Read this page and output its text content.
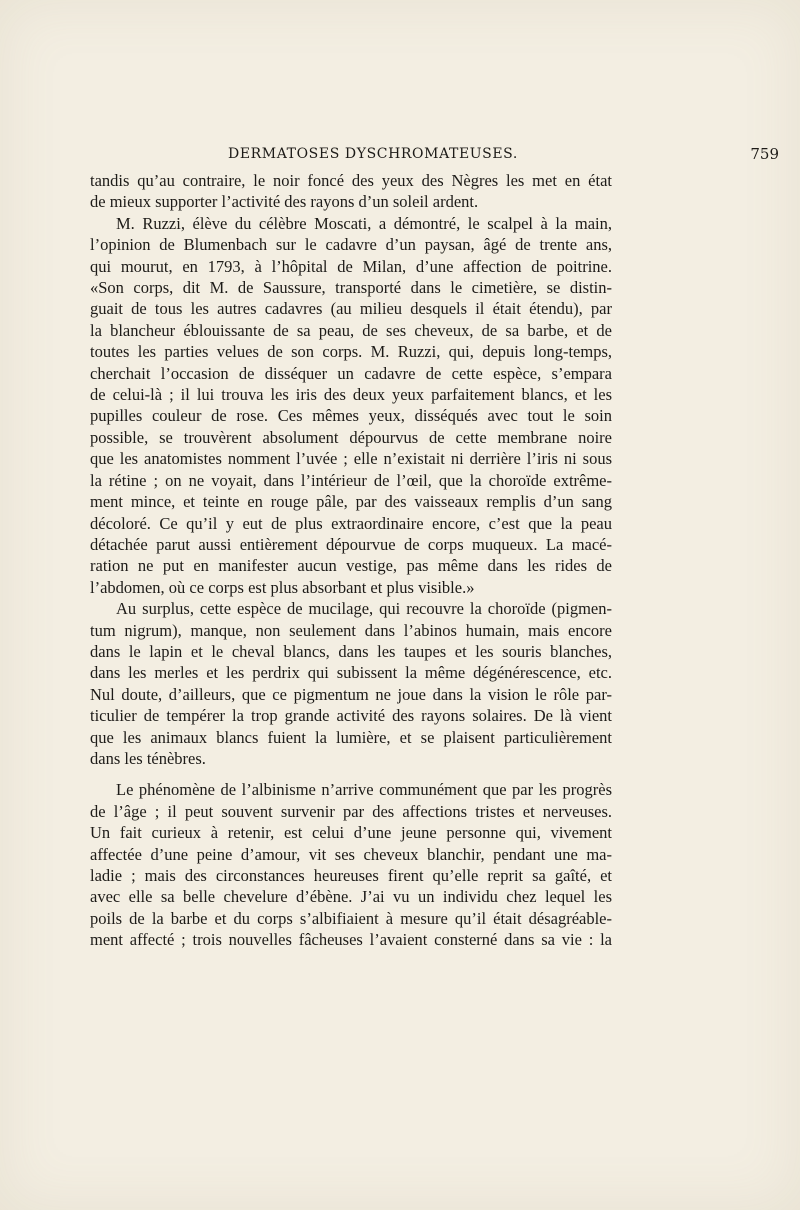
DERMATOSES DYSCHROMATEUSES.	759
tandis qu’au contraire, le noir foncé des yeux des Nègres les met en état
de mieux supporter l’activité des rayons d’un soleil ardent.
M. Ruzzi, élève du célèbre Moscati, a démontré, le scalpel à la main,
l’opinion de Blumenbach sur le cadavre d’un paysan, âgé de trente ans,
qui mourut, en 1793, à l’hôpital de Milan, d’une affection de poitrine.
«Son corps, dit M. de Saussure, transporté dans le cimetière, se distin-
guait de tous les autres cadavres (au milieu desquels il était étendu), par
la blancheur éblouissante de sa peau, de ses cheveux, de sa barbe, et de
toutes les parties velues de son corps. M. Ruzzi, qui, depuis long-temps,
cherchait l’occasion de disséquer un cadavre de cette espèce, s’empara
de celui-là ; il lui trouva les iris des deux yeux parfaitement blancs, et les
pupilles couleur de rose. Ces mêmes yeux, disséqués avec tout le soin
possible, se trouvèrent absolument dépourvus de cette membrane noire
que les anatomistes nomment l’uvée ; elle n’existait ni derrière l’iris ni sous
la rétine ; on ne voyait, dans l’intérieur de l’œil, que la choroïde extrême-
ment mince, et teinte en rouge pâle, par des vaisseaux remplis d’un sang
décoloré. Ce qu’il y eut de plus extraordinaire encore, c’est que la peau
détachée parut aussi entièrement dépourvue de corps muqueux. La macé-
ration ne put en manifester aucun vestige, pas même dans les rides de
l’abdomen, où ce corps est plus absorbant et plus visible.»
Au surplus, cette espèce de mucilage, qui recouvre la choroïde (pigmen-
tum nigrum), manque, non seulement dans l’abinos humain, mais encore
dans le lapin et le cheval blancs, dans les taupes et les souris blanches,
dans les merles et les perdrix qui subissent la même dégénérescence, etc.
Nul doute, d’ailleurs, que ce pigmentum ne joue dans la vision le rôle par-
ticulier de tempérer la trop grande activité des rayons solaires. De là vient
que les animaux blancs fuient la lumière, et se plaisent particulièrement
dans les ténèbres.
Le phénomène de l’albinisme n’arrive communément que par les progrès
de l’âge ; il peut souvent survenir par des affections tristes et nerveuses.
Un fait curieux à retenir, est celui d’une jeune personne qui, vivement
affectée d’une peine d’amour, vit ses cheveux blanchir, pendant une ma-
ladie ; mais des circonstances heureuses firent qu’elle reprit sa gaîté, et
avec elle sa belle chevelure d’ébène. J’ai vu un individu chez lequel les
poils de la barbe et du corps s’albifiaient à mesure qu’il était désagréable-
ment affecté ; trois nouvelles fâcheuses l’avaient consterné dans sa vie : la
